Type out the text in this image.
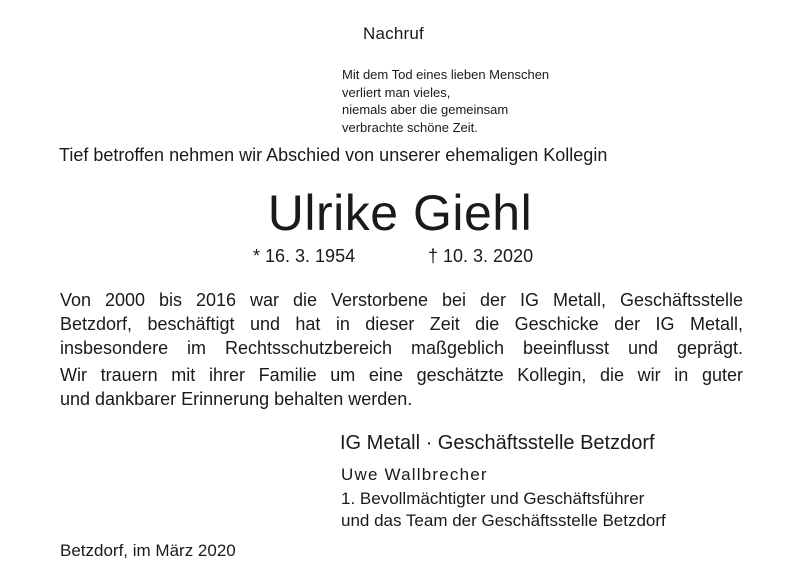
Nachruf
Mit dem Tod eines lieben Menschen
verliert man vieles,
niemals aber die gemeinsam
verbrachte schöne Zeit.
Tief betroffen nehmen wir Abschied von unserer ehemaligen Kollegin
Ulrike Giehl
* 16. 3. 1954	† 10. 3. 2020
Von 2000 bis 2016 war die Verstorbene bei der IG Metall, Geschäftsstelle
Betzdorf, beschäftigt und hat in dieser Zeit die Geschicke der IG Metall,
insbesondere im Rechtsschutzbereich maßgeblich beeinflusst und geprägt.
Wir trauern mit ihrer Familie um eine geschätzte Kollegin, die wir in guter
und dankbarer Erinnerung behalten werden.
IG Metall · Geschäftsstelle Betzdorf
Uwe Wallbrecher
1. Bevollmächtigter und Geschäftsführer
und das Team der Geschäftsstelle Betzdorf
Betzdorf, im März 2020
